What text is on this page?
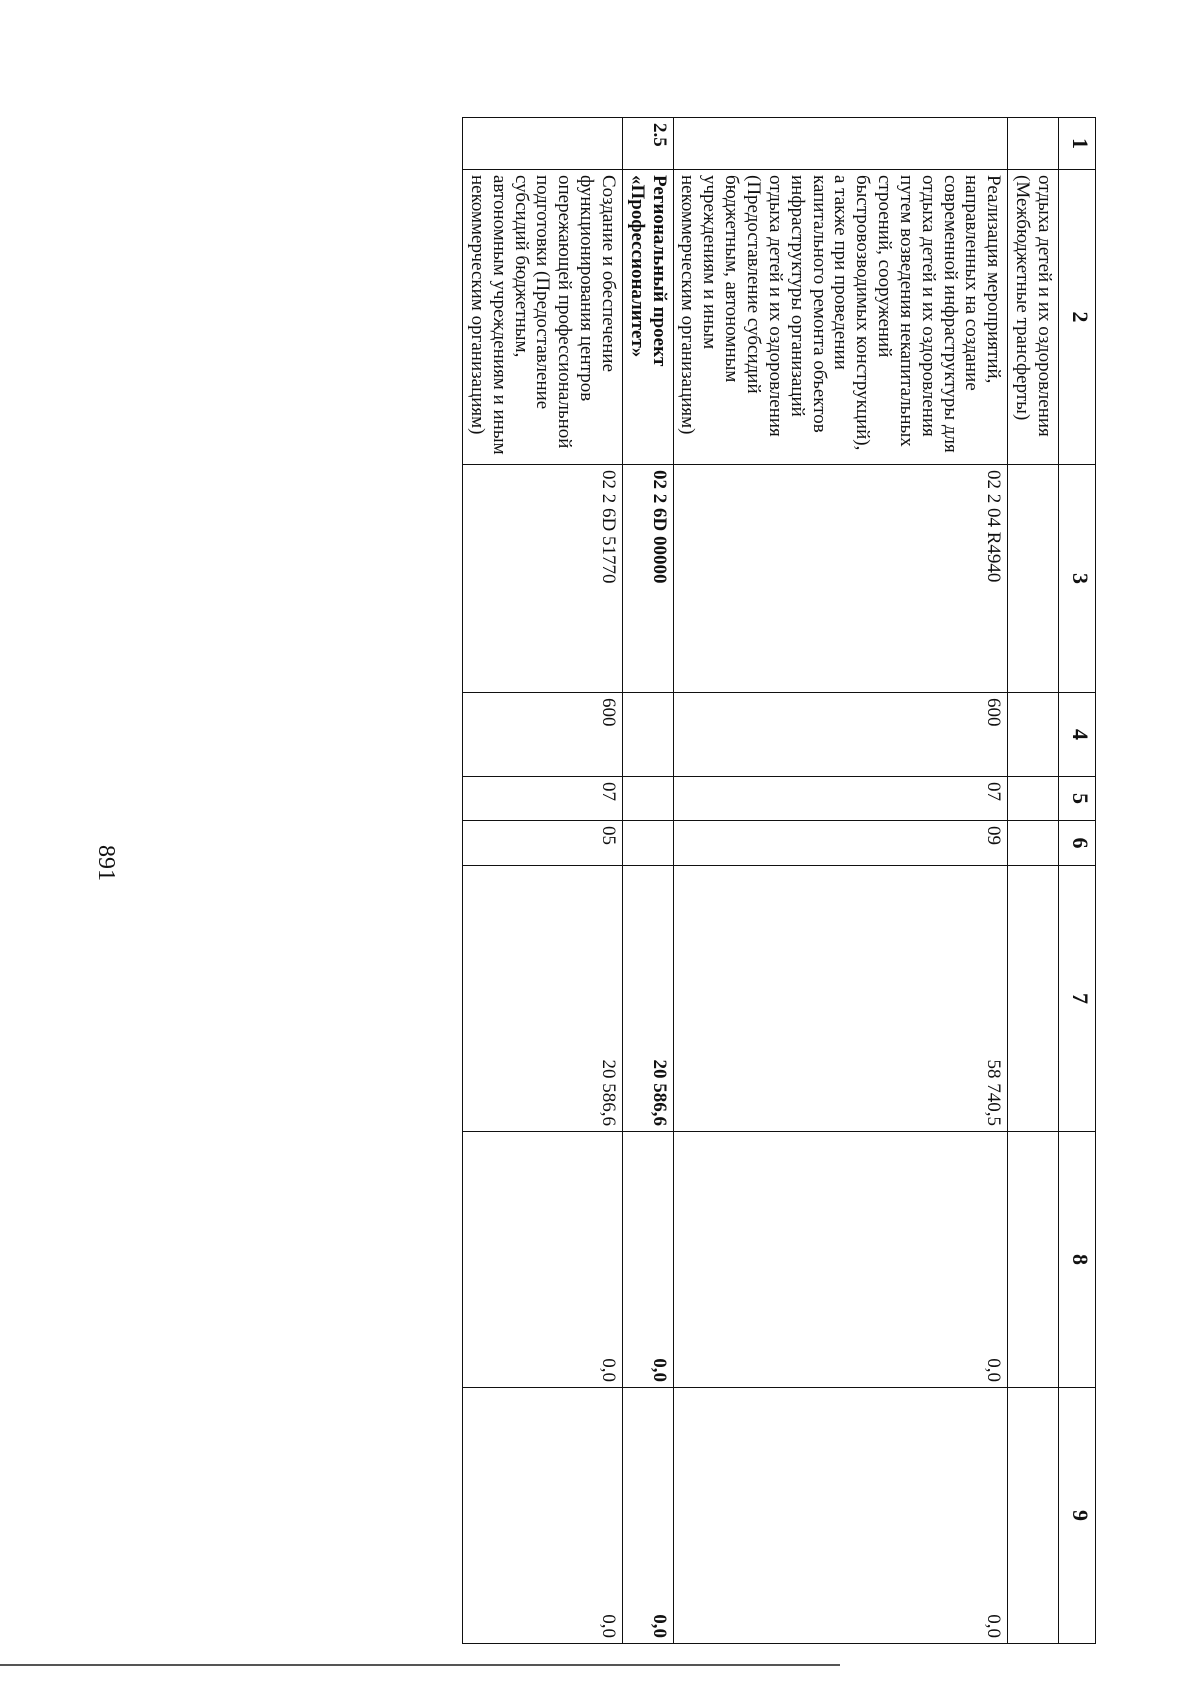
891
1	2	3	4	5	6	7	8	9
	отдыха детей и их оздоровления (Межбюджетные трансферты)							
	Реализация мероприятий, направленных на создание современной инфраструктуры для отдыха детей и их оздоровления путем возведения некапитальных строений, сооружений быстровозводимых конструкций), а также при проведении капитального ремонта объектов инфраструктуры организаций отдыха детей и их оздоровления (Предоставление субсидий бюджетным, автономным учреждениям и иным некоммерческим организациям)	02 2 04 R4940	600	07	09	58 740,5	0,0	0,0
2.5	Региональный проект «Профессионалитет»	02 2 6D 00000				20 586,6	0,0	0,0
	Создание и обеспечение функционирования центров опережающей профессиональной подготовки (Предоставление субсидий бюджетным, автономным учреждениям и иным некоммерческим организациям)	02 2 6D 51770	600	07	05	20 586,6	0,0	0,0
